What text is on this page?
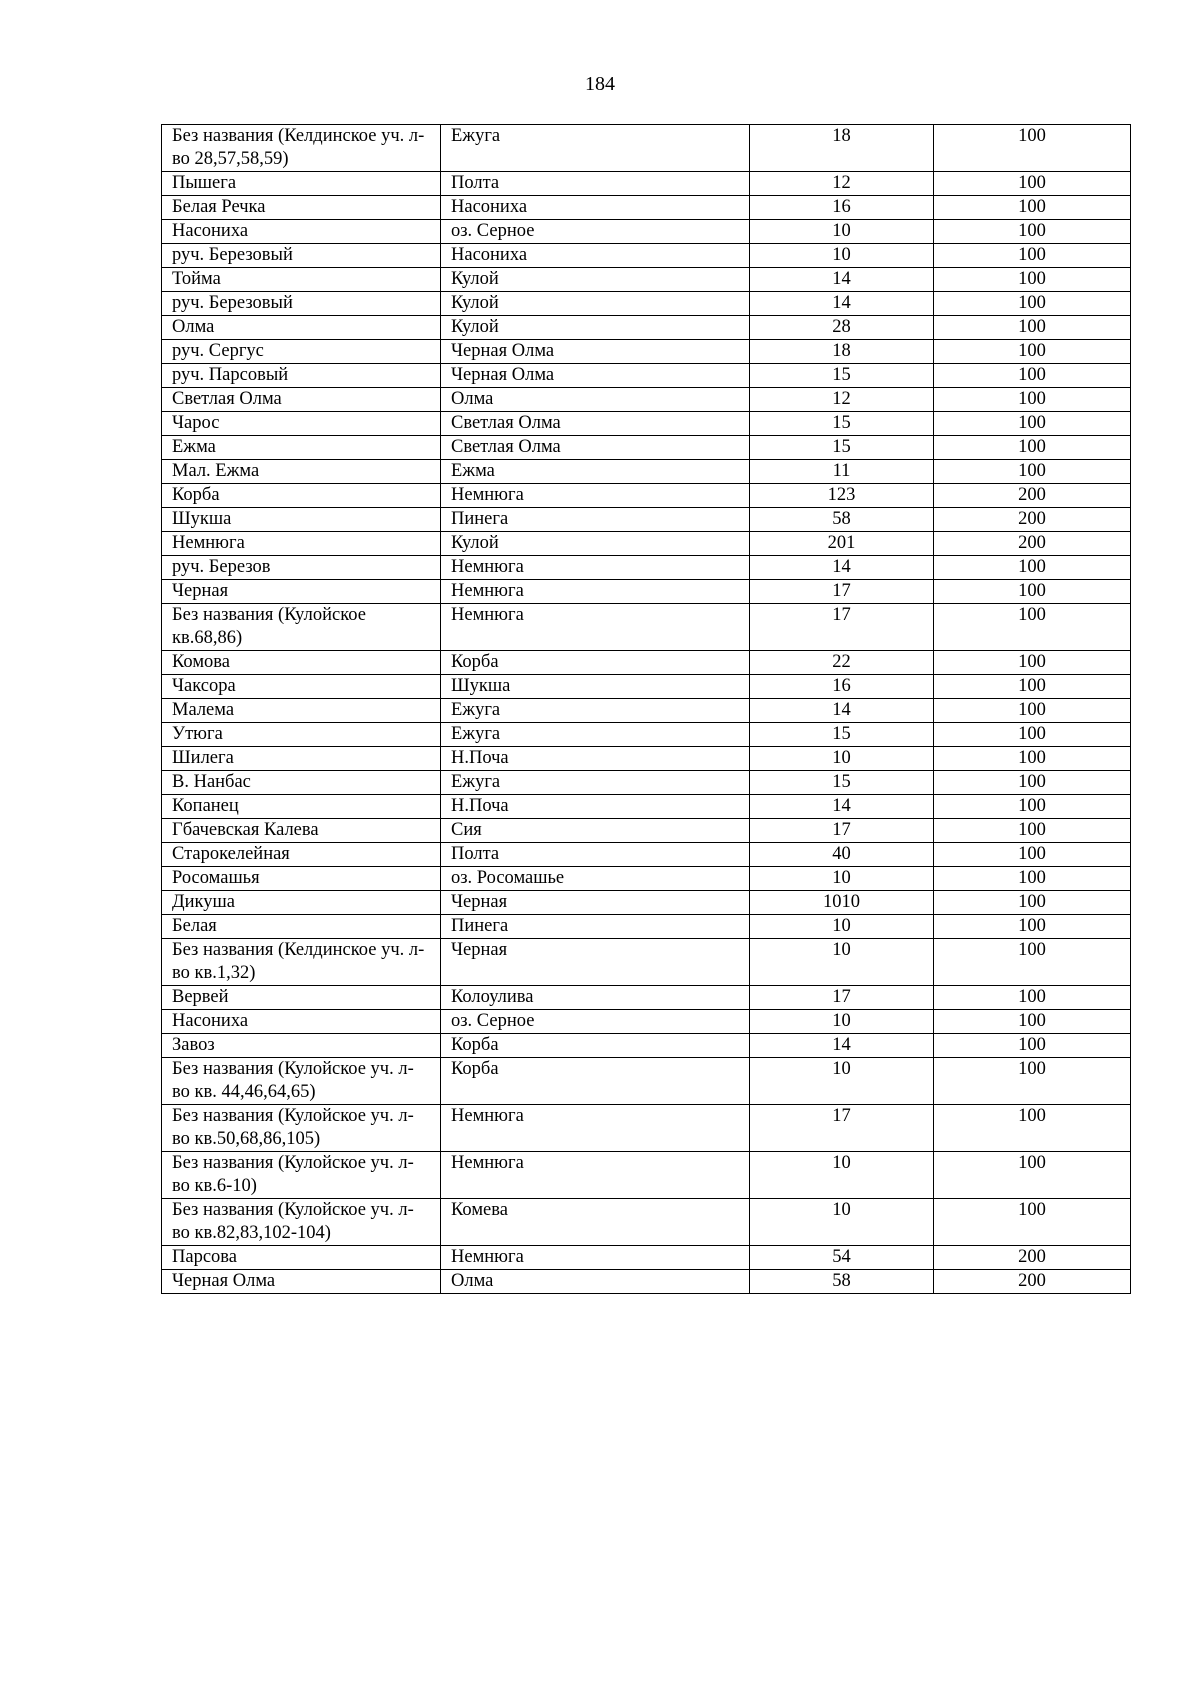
184
Без названия (Келдинское уч. л-во 28,57,58,59)	Ежуга	18	100
Пышега	Полта	12	100
Белая Речка	Насониха	16	100
Насониха	оз. Серное	10	100
руч. Березовый	Насониха	10	100
Тойма	Кулой	14	100
руч. Березовый	Кулой	14	100
Олма	Кулой	28	100
руч. Сергус	Черная Олма	18	100
руч. Парсовый	Черная Олма	15	100
Светлая Олма	Олма	12	100
Чарос	Светлая Олма	15	100
Ежма	Светлая Олма	15	100
Мал. Ежма	Ежма	11	100
Корба	Немнюга	123	200
Шукша	Пинега	58	200
Немнюга	Кулой	201	200
руч. Березов	Немнюга	14	100
Черная	Немнюга	17	100
Без названия (Кулойское кв.68,86)	Немнюга	17	100
Комова	Корба	22	100
Чаксора	Шукша	16	100
Малема	Ежуга	14	100
Утюга	Ежуга	15	100
Шилега	Н.Поча	10	100
В. Нанбас	Ежуга	15	100
Копанец	Н.Поча	14	100
Гбачевская Калева	Сия	17	100
Старокелейная	Полта	40	100
Росомашья	оз. Росомашье	10	100
Дикуша	Черная	1010	100
Белая	Пинега	10	100
Без названия (Келдинское уч. л-во кв.1,32)	Черная	10	100
Вервей	Колоулива	17	100
Насониха	оз. Серное	10	100
Завоз	Корба	14	100
Без названия (Кулойское уч. л-во кв. 44,46,64,65)	Корба	10	100
Без названия (Кулойское уч. л-во кв.50,68,86,105)	Немнюга	17	100
Без названия (Кулойское уч. л-во кв.6-10)	Немнюга	10	100
Без названия (Кулойское уч. л-во кв.82,83,102-104)	Комева	10	100
Парсова	Немнюга	54	200
Черная Олма	Олма	58	200
